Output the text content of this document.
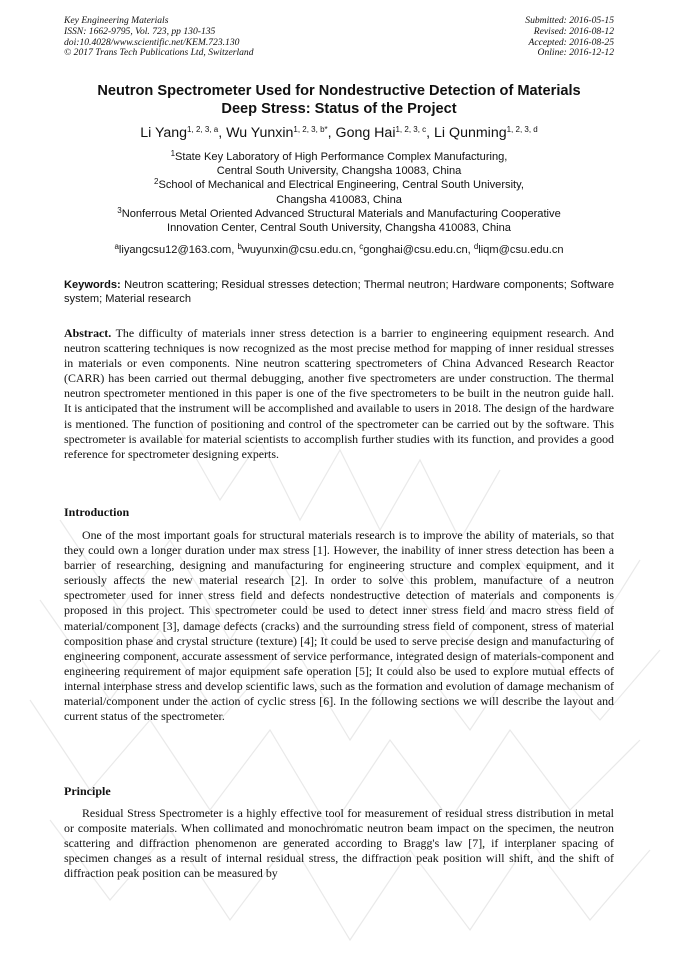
Key Engineering Materials
ISSN: 1662-9795, Vol. 723, pp 130-135
doi:10.4028/www.scientific.net/KEM.723.130
© 2017 Trans Tech Publications Ltd, Switzerland
Submitted: 2016-05-15
Revised: 2016-08-12
Accepted: 2016-08-25
Online: 2016-12-12
Neutron Spectrometer Used for Nondestructive Detection of Materials
Deep Stress: Status of the Project
Li Yang$^{1, 2, 3, a}$, Wu Yunxin$^{1, 2, 3, b*}$, Gong Hai$^{1, 2, 3, c}$, Li Qunming$^{1, 2, 3, d}$
$^1$State Key Laboratory of High Performance Complex Manufacturing,
Central South University, Changsha 10083, China
$^2$School of Mechanical and Electrical Engineering, Central South University,
Changsha 410083, China
$^3$Nonferrous Metal Oriented Advanced Structural Materials and Manufacturing Cooperative
Innovation Center, Central South University, Changsha 410083, China
$^a$liyangcsu12@163.com, $^b$wuyunxin@csu.edu.cn, $^c$gonghai@csu.edu.cn, $^d$liqm@csu.edu.cn
Keywords: Neutron scattering; Residual stresses detection; Thermal neutron; Hardware components; Software system; Material research
Abstract. The difficulty of materials inner stress detection is a barrier to engineering equipment research. And neutron scattering techniques is now recognized as the most precise method for mapping of inner residual stresses in materials or even components. Nine neutron scattering spectrometers of China Advanced Research Reactor (CARR) has been carried out thermal debugging, another five spectrometers are under construction. The thermal neutron spectrometer mentioned in this paper is one of the five spectrometers to be built in the neutron guide hall. It is anticipated that the instrument will be accomplished and available to users in 2018. The design of the hardware is mentioned. The function of positioning and control of the spectrometer can be carried out by the software. This spectrometer is available for material scientists to accomplish further studies with its function, and provides a good reference for spectrometer designing experts.
Introduction
One of the most important goals for structural materials research is to improve the ability of materials, so that they could own a longer duration under max stress [1]. However, the inability of inner stress detection has been a barrier of researching, designing and manufacturing for engineering structure and complex equipment, and it seriously affects the new material research [2]. In order to solve this problem, manufacture of a neutron spectrometer used for inner stress field and defects nondestructive detection of materials and components is proposed in this project. This spectrometer could be used to detect inner stress field and macro stress field of material/component [3], damage defects (cracks) and the surrounding stress field of component, stress of material composition phase and crystal structure (texture) [4]; It could be used to serve precise design and manufacturing of engineering component, accurate assessment of service performance, integrated design of materials-component and engineering requirement of major equipment safe operation [5]; It could also be used to explore mutual effects of internal interphase stress and develop scientific laws, such as the formation and evolution of damage mechanism of material/component under the action of cyclic stress [6]. In the following sections we will describe the layout and current status of the spectrometer.
Principle
Residual Stress Spectrometer is a highly effective tool for measurement of residual stress distribution in metal or composite materials. When collimated and monochromatic neutron beam impact on the specimen, the neutron scattering and diffraction phenomenon are generated according to Bragg's law [7], if interplaner spacing of specimen changes as a result of internal residual stress, the diffraction peak position will shift, and the shift of diffraction peak position can be measured by
